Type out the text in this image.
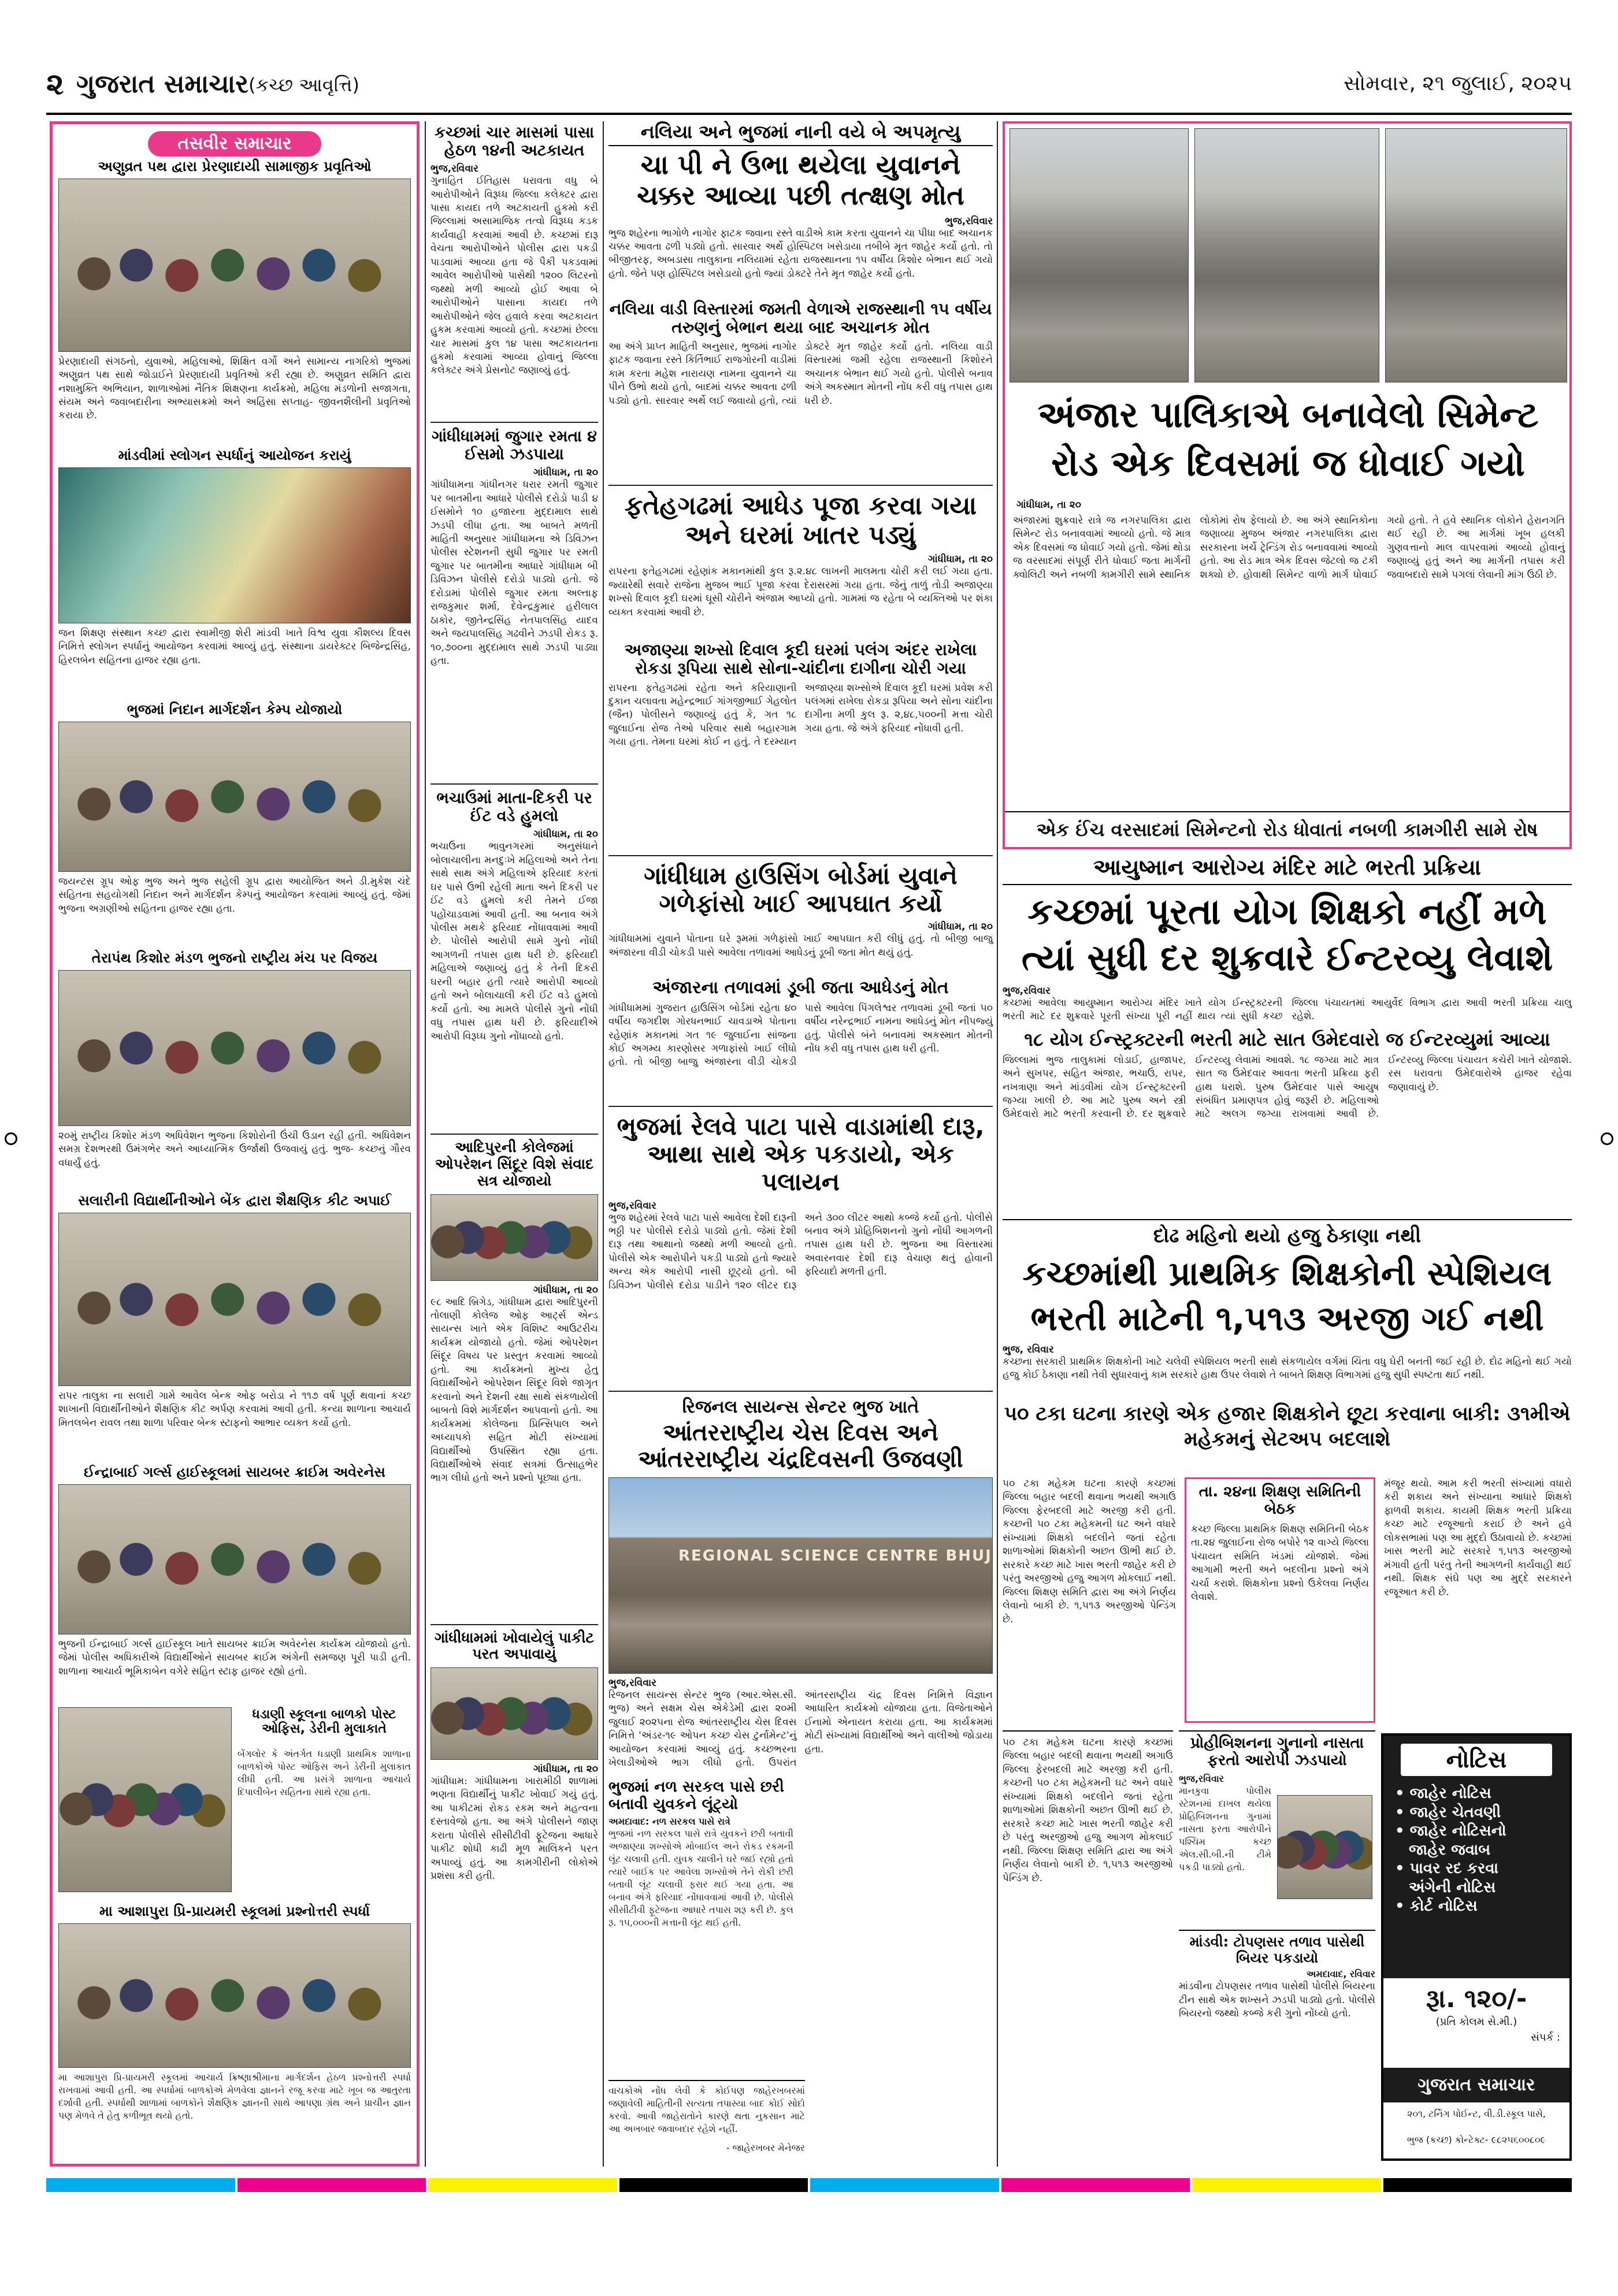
૨ ગુજરાત સમાચાર (કચ્છ આવૃત્તિ)	સોમવાર, ૨૧ જુલાઈ, ૨૦૨૫
તસવીર સમાચાર
અણુવ્રત પથ દ્વારા પ્રેરણાદાયી સામાજીક પ્રવૃતિઓ
પ્રેરણાદાયી સંગઠનો, યુવાઓ, મહિલાઓ, શિક્ષિત વર્ગો અને સામાન્ય નાગરિકો ભુજમાં અણુવ્રત પથ સાથે જોડાઈને પ્રેરણાદાયી પ્રવૃતિઓ કરી રહ્યા છે. અણુવ્રત સમિતિ દ્વારા નશામુક્તિ અભિયાન, શાળાઓમાં નૈતિક શિક્ષણના કાર્યક્રમો, મહિલા મંડળોની સજાગતા, સંયમ અને જવાબદારીના અભ્યાસક્રમો અને અહિંસા સપ્તાહ- જીવનશૈલીની પ્રવૃતિઓ કરાયા છે.
માંડવીમાં સ્લોગન સ્પર્ધાનું આયોજન કરાયું
જન શિક્ષણ સંસ્થાન કચ્છ દ્વારા સ્વામીજી શેરી માંડવી ખાતે વિશ્વ યુવા કૌશલ્ય દિવસ નિમિત્તે સ્લોગન સ્પર્ધાનું આયોજન કરવામાં આવ્યું હતું. સંસ્થાના ડાયરેક્ટર બિજેન્દ્રસિંહ, હિરલબેન સહિતના હાજર રહ્યા હતા.
ભુજમાં નિદાન માર્ગદર્શન કેમ્પ યોજાયો
જયન્ટસ ગ્રૂપ ઓફ ભુજ અને ભુજ સહેલી ગ્રૂપ દ્વારા આયોજિત અને ડી.મુકેશ ચંદે સહિતના સહયોગથી નિદાન અને માર્ગદર્શન કેમ્પનું આયોજન કરવામાં આવ્યું હતું. જેમાં ભુજના અગ્રણીઓ સહિતના હાજર રહ્યા હતા.
તેરાપંથ કિશોર મંડળ ભુજનો રાષ્ટ્રીય મંચ પર વિજય
૨૦મું રાષ્ટ્રીય કિશોર મંડળ અધિવેશન ભુજના કિશોરોની ઉંચી ઉડાન રહી હતી. અધિવેશન સમગ્ર દેશભરથી ઉમંગભેર અને આધ્યાત્મિક ઉર્જાથી ઉજવાયું હતું. ભુજ- કચ્છનું ગૌરવ વધાર્યું હતું.
સલારીની વિદ્યાર્થીનીઓને બેંક દ્વારા શૈક્ષણિક કીટ અપાઈ
રાપર તાલુકા ના સલારી ગામે આવેલ બેન્ક ઓફ બરોડા ને ૧૧૭ વર્ષ પૂર્ણ થવાનાં કચ્છ શાખાની વિદ્યાર્થીનીઓને શૈક્ષણિક કીટ અર્પણ કરવામાં આવી હતી. કન્યા શાળાના આચાર્ય મિતલબેન રાવલ તથા શાળા પરિવાર બેન્ક સ્ટાફનો આભાર વ્યક્ત કર્યો હતો.
ઈન્દ્રાબાઈ ગર્લ્સ હાઈસ્કૂલમાં સાયબર ક્રાઈમ અવેરનેસ
ભુજની ઈન્દ્રાબાઈ ગર્લ્સ હાઈસ્કૂલ ખાતે સાયબર ક્રાઈમ અવેરનેસ કાર્યક્રમ યોજાયો હતો. જેમાં પોલીસ અધિકારીએ વિદ્યાર્થીઓને સાયબર ક્રાઈમ અંગેની સમજણ પૂરી પાડી હતી. શાળાના આચાર્ય ભૂમિકાબેન વગેરે સહિત સ્ટાફ હાજર રહ્યો હતો.
ધડાણી સ્કૂલના બાળકો પોસ્ટ ઓફિસ, ડેરીની મુલાકાતે
બેંગલોર કે અંતર્ગત ધડાણી પ્રાથમિક શાળાના બાળકોએ પોસ્ટ ઓફિસ અને ડેરીની મુલાકાત લીધી હતી. આ પ્રસંગે શાળાના આચાર્ય દિપાલીબેન સહિતના સાથે રહ્યા હતા.
મા આશાપુરા પ્રિ-પ્રાયમરી સ્કૂલમાં પ્રશ્નોત્તરી સ્પર્ધા
મા આશાપુરા પ્રિ-પ્રાયમરી સ્કૂલમાં આચાર્ય ક્રિષ્ણાશ્રીમાના માર્ગદર્શન હેઠળ પ્રશ્નોત્તરી સ્પર્ધા રાખવામાં આવી હતી. આ સ્પર્ધામાં બાળકોએ મેળવેલા જ્ઞાનને રજૂ કરવા માટે ખૂબ જ આતુરતા દર્શાવી હતી. સ્પર્ધાથી શાળામાં બાળકોને શૈક્ષણિક જ્ઞાનની સાથે આપણા ગ્રંથ અને પ્રાચીન જ્ઞાન પણ મેળવે તે હેતુ કળીભૂત થયો હતો.
કચ્છમાં ચાર માસમાં પાસા હેઠળ ૧૪ની અટકાયત
ભુજ,રવિવાર
ગુનાહિત ઈતિહાસ ધરાવતા વધુ બે આરોપીઓને વિરૂધ્ધ જિલ્લા કલેક્ટર દ્વારા પાસા કાયદા તળે અટકાયતી હુકમો કરી જિલ્લામાં અસામાજિક તત્વો વિરૂધ્ધ કડક કાર્યવાહી કરવામાં આવી છે. કચ્છમાં દારૂ વેચતા આરોપીઓને પોલીસ દ્વારા પકડી પાડવામાં આવ્યા હતા જે પૈકી પકડવામાં આવેલ આરોપીઓ પાસેથી ૧૨૦૦ લિટરનો જથ્થો મળી આવ્યો હોઈ આવા બે આરોપીઓને પાસાના કાયદા તળે આરોપીઓને જેલ હવાલે કરવા અટકાયત હુકમ કરવામાં આવ્યો હતો. કચ્છમાં છેલ્લા ચાર માસમાં કુલ ૧૪ પાસા અટકાયતના હુકમો કરવામાં આવ્યા હોવાનું જિલ્લા કલેક્ટર અંગે પ્રેસનોટ જણાવ્યું હતું.
ગાંધીધામમાં જુગાર રમતા ૪ ઈસમો ઝડપાયા
ગાંધીધામ, તા ૨૦
ગાંધીધામના ગાંધીનગર ધરાર રમતી જુગાર પર બાતમીના આધારે પોલીસે દરોડો પાડી ૪ ઈસમોને ૧૦ હજારના મુદ્દામાલ સાથે ઝડપી લીધા હતા. આ બાબતે મળતી માહિતી અનુસાર ગાંધીધામના એ ડિવિઝન પોલીસ સ્ટેશનની સુધી જુગાર પર રમતી જુગાર પર બાતમીના આધારે ગાંધીધામ બી ડિવિઝન પોલીસે દરોડો પાડ્યો હતો. જે દરોડામાં પોલીસે જુગાર રમતા અલ્તાફ રાજકુમાર શર્મા, દેવેન્દ્રકુમાર હરીલાલ ઠાકોર, જીતેન્દ્રસિંહ નેતપાલસિંહ યાદવ અને જયપાલસિંહ ગઢવીને ઝડપી રોકડ રૂ. ૧૦,૭૦૦ના મુદ્દામાલ સાથે ઝડપી પાડ્યા હતા.
ભચાઉમાં માતા-દિકરી પર ઈંટ વડે હુમલો
ગાંધીધામ, તા ૨૦
ભચાઉના ભાવુનગરમાં અનુસંધાને બોલાચાલીના મનદુઃખે મહિલાઓ અને તેના સાથે સાથ અંગે મહિલાએ ફરિયાદ કરતાં ઘર પાસે ઉભી રહેલી માતા અને દિકરી પર ઈંટ વડે હુમલો કરી તેમને ઈજા પહોંચાડવામાં આવી હતી. આ બનાવ અંગે પોલીસ મથકે ફરિયાદ નોંધાવવામાં આવી છે. પોલીસે આરોપી સામે ગુનો નોંધી આગળની તપાસ હાથ ધરી છે. ફરિયાદી મહિલાએ જણાવ્યું હતું કે તેની દિકરી ઘરની બહાર હતી ત્યારે આરોપી આવ્યો હતો અને બોલાચાલી કરી ઈંટ વડે હુમલો કર્યો હતો. આ મામલે પોલીસે ગુનો નોંધી વધુ તપાસ હાથ ધરી છે. ફરિયાદીએ આરોપી વિરૂધ્ધ ગુનો નોંધાવ્યો હતો.
આદિપુરની કોલેજમાં ઓપરેશન સિંદૂર વિશે સંવાદ સત્ર યોજાયો
ગાંધીધામ, તા ૨૦
૯૮ આદિ બ્રિગેડ, ગાંધીધામ દ્વારા આદિપુરની તોલાણી કોલેજ ઓફ આર્ટ્સ એન્ડ સાયન્સ ખાતે એક વિશિષ્ટ આઉટરીચ કાર્યક્રમ યોજાયો હતો. જેમાં ઓપરેશન સિંદૂર વિષય પર પ્રસ્તુત કરવામાં આવ્યો હતો. આ કાર્યક્રમનો મુખ્ય હેતુ વિદ્યાર્થીઓને ઓપરેશન સિંદૂર વિશે જાગૃત કરવાનો અને દેશની રક્ષા સાથે સંકળાયેલી બાબતો વિશે માર્ગદર્શન આપવાનો હતો. આ કાર્યક્રમમાં કોલેજના પ્રિન્સિપાલ અને અધ્યાપકો સહિત મોટી સંખ્યામાં વિદ્યાર્થીઓ ઉપસ્થિત રહ્યા હતા. વિદ્યાર્થીઓએ સંવાદ સત્રમાં ઉત્સાહભેર ભાગ લીધો હતો અને પ્રશ્નો પૂછ્યા હતા.
ગાંધીધામમાં ખોવાયેલું પાકીટ પરત અપાવાયું
ગાંધીધામ, તા ૨૦
ગાંધીધામ: ગાંધીધામના ખારામીઠી શાળામાં ભણતા વિદ્યાર્થીનું પાકીટ ખોવાઈ ગયું હતું. આ પાકીટમાં રોકડ રકમ અને મહત્વના દસ્તાવેજો હતા. આ અંગે પોલીસને જાણ કરાતા પોલીસે સીસીટીવી ફૂટેજના આધારે પાકીટ શોધી કાઢી મૂળ માલિકને પરત અપાવ્યું હતું. આ કામગીરીની લોકોએ પ્રશંસા કરી હતી.
નલિયા અને ભુજમાં નાની વયે બે અપમૃત્યુ
ચા પી ને ઉભા થયેલા યુવાનને ચક્કર આવ્યા પછી તત્ક્ષણ મોત
ભુજ,રવિવાર
ભુજ શહેરના ભાગોળે નાગોર ફાટક જવાના રસ્તે વાડીએ કામ કરતા યુવાનને ચા પીધા બાદ અચાનક ચક્કર આવતા ઢળી પડ્યો હતો. સારવાર અર્થે હોસ્પિટલ ખસેડાયા તબીબે મૃત જાહેર કર્યો હતો. તો બીજીતરફ, અબડાસા તાલુકાના નલિયામાં રહેતા રાજસ્થાનના ૧૫ વર્ષીય કિશોર બેભાન થઈ ગયો હતો. જેને પણ હોસ્પિટલ ખસેડાયો હતો જ્યાં ડોક્ટરે તેને મૃત જાહેર કર્યો હતો.
નલિયા વાડી વિસ્તારમાં જમતી વેળાએ રાજસ્થાની ૧૫ વર્ષીય તરુણનું બેભાન થયા બાદ અચાનક મોત
આ અંગે પ્રાપ્ત માહિતી અનુસાર, ભુજમાં નાગોર ફાટક જવાના રસ્તે કિર્તિભાઈ રાજગોરની વાડીમાં કામ કરતા મહેશ નારાયણ નામના યુવાનને ચા પીને ઉભો થયો હતો, બાદમાં ચક્કર આવતા ઢળી પડ્યો હતો. સારવાર અર્થે લઈ જવાયો હતો, ત્યાં ડોક્ટરે મૃત જાહેર કર્યો હતો. નલિયા વાડી વિસ્તારમાં જમી રહેલા રાજસ્થાની કિશોરને અચાનક બેભાન થઈ ગયો હતો. પોલીસે બનાવ અંગે અકસ્માત મોતની નોંધ કરી વધુ તપાસ હાથ ધરી છે.
ફતેહગઢમાં આધેડ પૂજા કરવા ગયા અને ઘરમાં ખાતર પડ્યું
ગાંધીધામ, તા ૨૦
રાપરના ફતેહગઢમાં રહેણાંક મકાનમાંથી કુલ રૂ.૨.૪૮ લાખની માલમતા ચોરી કરી લઈ ગયા હતા. જ્યારેથી સવારે રાજેના મુજબ ભાઈ પૂજા કરવા દેરાસરમાં ગયા હતા. જેનું તાળું તોડી અજાણ્યા શખ્સો દિવાલ કૂદી ઘરમાં ઘૂસી ચોરીને અંજામ આપ્યો હતો. ગામમાં જ રહેતા બે વ્યક્તિઓ પર શંકા વ્યક્ત કરવામાં આવી છે.
અજાણ્યા શખ્સો દિવાલ કૂદી ઘરમાં પલંગ અંદર રાખેલા રોકડા રૂપિયા સાથે સોના-ચાંદીના દાગીના ચોરી ગયા
રાપરના ફતેહગઢમાં રહેતા અને કરિયાણાની દુકાન ચલાવતા મહેન્દ્રભાઈ ગાંગજીભાઈ ગેહલોત (જૈન) પોલીસને જણાવ્યું હતું કે, ગત ૧૮ જુલાઈના રોજ તેઓ પરિવાર સાથે બહારગામ ગયા હતા. તેમના ઘરમાં કોઈ ન હતું. તે દરમ્યાન અજાણ્યા શખ્સોએ દિવાલ કૂદી ઘરમાં પ્રવેશ કરી પલંગમાં રાખેલા રોકડા રૂપિયા અને સોના ચાંદીના દાગીના મળી કુલ રૂ. ૨,૪૮,૫૦૦ની મત્તા ચોરી ગયા હતા. જે અંગે ફરિયાદ નોંધાવી હતી.
ગાંધીધામ હાઉસિંગ બોર્ડમાં યુવાને ગળેફાંસો ખાઈ આપઘાત કર્યો
ગાંધીધામ, તા ૨૦
ગાંધીધામમાં યુવાને પોતાના ઘરે રૂમમાં ગળેફાંસો ખાઈ આપઘાત કરી લીધું હતું. તો બીજી બાજુ અંજારના વીડી ચોકડી પાસે આવેલા તળાવમાં આધેડનું ડૂબી જતા મોત થયું હતું.
અંજારના તળાવમાં ડૂબી જતા આધેડનું મોત
ગાંધીધામમાં ગુજરાત હાઉસિંગ બોર્ડમાં રહેતા ૪૦ વર્ષીય જગદીશ ગોરધનભાઈ ચાવડાએ પોતાના રહેણાંક મકાનમાં ગત ૧૯ જુલાઈના સાંજના કોઈ અગમ્ય કારણોસર ગળાફાંસો ખાઈ લીધો હતો. તો બીજી બાજુ અંજારના વીડી ચોકડી પાસે આવેલા પિંગલેશ્વર તળાવમાં ડૂબી જતાં ૫૦ વર્ષીય નરેન્દ્રભાઈ નામના આધેડનું મોત નીપજ્યું હતું. પોલીસે બંને બનાવમાં અકસ્માત મોતની નોંધ કરી વધુ તપાસ હાથ ધરી હતી.
ભુજમાં રેલવે પાટા પાસે વાડામાંથી દારૂ, આથા સાથે એક પકડાયો, એક પલાયન
ભુજ,રવિવાર
ભુજ શહેરમાં રેલવે પાટા પાસે આવેલા દેશી દારૂની ભઠ્ઠી પર પોલીસે દરોડો પાડ્યો હતો. જેમાં દેશી દારૂ તથા આથાનો જથ્થો મળી આવ્યો હતો. પોલીસે એક આરોપીને પકડી પાડ્યો હતો જ્યારે અન્ય એક આરોપી નાસી છૂટ્યો હતો. બી ડિવિઝન પોલીસે દરોડા પાડીને ૧૨૦ લીટર દારૂ અને ૩૦૦ લીટર આથો કબ્જે કર્યો હતો. પોલીસે બનાવ અંગે પ્રોહિબિશનનો ગુનો નોંધી આગળની તપાસ હાથ ધરી છે. ભુજના આ વિસ્તારમાં અવારનવાર દેશી દારૂ વેચાણ થતું હોવાની ફરિયાદો મળતી હતી.
રિજનલ સાયન્સ સેન્ટર ભુજ ખાતે
આંતરરાષ્ટ્રીય ચેસ દિવસ અને આંતરરાષ્ટ્રીય ચંદ્રદિવસની ઉજવણી
REGIONAL SCIENCE CENTRE BHUJ
ભુજ,રવિવાર
રિજનલ સાયન્સ સેન્ટર ભુજ (આર.એસ.સી. ભુજ) અને સક્ષમ ચેસ એકેડેમી દ્વારા ૨૦મી જુલાઈ ૨૦૨૫ના રોજ આંતરરાષ્ટ્રીય ચેસ દિવસ નિમિત્તે 'અંડર-૧૯ ઓપન કચ્છ ચેસ ટુર્નામેન્ટ'નું આયોજન કરવામાં આવ્યું હતું. કચ્છભરના ખેલાડીઓએ ભાગ લીધો હતો. ઉપરાંત આંતરરાષ્ટ્રીય ચંદ્ર દિવસ નિમિત્તે વિજ્ઞાન આધારિત કાર્યક્રમો યોજાયા હતા. વિજેતાઓને ઈનામો એનાયત કરાયા હતા. આ કાર્યક્રમમાં મોટી સંખ્યામાં વિદ્યાર્થીઓ અને વાલીઓ જોડાયા હતા.
ભુજમાં નળ સરકલ પાસે છરી બતાવી યુવકને લૂંટ્યો
અમદાવાદ: નળ સરકલ પાસે રાત્રે
ભુજમાં નળ સરકલ પાસે રાત્રે યુવકને છરી બતાવી અજાણ્યા શખ્સોએ મોબાઈલ અને રોકડ રકમની લૂંટ ચલાવી હતી. યુવક ચાલીને ઘરે જઈ રહ્યો હતો ત્યારે બાઈક પર આવેલા શખ્સોએ તેને રોકી છરી બતાવી લૂંટ ચલાવી ફરાર થઈ ગયા હતા. આ બનાવ અંગે ફરિયાદ નોંધાવવામાં આવી છે. પોલીસે સીસીટીવી ફૂટેજના આધારે તપાસ શરૂ કરી છે. કુલ રૂ. ૧૫,૦૦૦ની મત્તાની લૂંટ થઈ હતી.
વાચકોએ નોંધ લેવી કે કોઈપણ જાહેરખબરમાં જણાવેલી માહિતીની સત્યતા તપાસ્યા બાદ કોઈ સોદો કરવો. આવી જાહેરાતોને કારણે થતા નુકસાન માટે આ અખબાર જવાબદાર રહેશે નહીં.
- જાહેરખબર મેનેજર
અંજાર પાલિકાએ બનાવેલો સિમેન્ટ રોડ એક દિવસમાં જ ધોવાઈ ગયો
ગાંધીધામ, તા ૨૦
અંજારમાં શુક્રવારે રાત્રે જ નગરપાલિકા દ્વારા સિમેન્ટ રોડ બનાવવામાં આવ્યો હતો. જે માત્ર એક દિવસમાં જ ધોવાઈ ગયો હતો. જેમાં થોડા જ વરસાદમાં સંપૂર્ણ રીતે ધોવાઈ જતા માર્ગની ક્વોલિટી અને નબળી કામગીરી સામે સ્થાનિક લોકોમાં રોષ ફેલાયો છે. આ અંગે સ્થાનિકોના જણાવ્યા મુજબ અંજાર નગરપાલિકા દ્વારા સરકારના ખર્ચે ટ્રેન્ડિંગ રોડ બનાવવામાં આવ્યો હતો. આ રોડ માત્ર એક દિવસ જેટલો જ ટકી શક્યો છે. હોવાથી સિમેન્ટ વાળો માર્ગ ધોવાઈ ગયો હતો. તે હવે સ્થાનિક લોકોને હેરાનગતિ થઈ રહી છે. આ માર્ગમાં ખૂબ હલકી ગુણવત્તાનો માલ વાપરવામાં આવ્યો હોવાનું જણાવ્યું હતું અને આ માર્ગની તપાસ કરી જવાબદારો સામે પગલાં લેવાની માંગ ઉઠી છે.
એક ઈંચ વરસાદમાં સિમેન્ટનો રોડ ધોવાતાં નબળી કામગીરી સામે રોષ
આયુષ્માન આરોગ્ય મંદિર માટે ભરતી પ્રક્રિયા
કચ્છમાં પૂરતા યોગ શિક્ષકો નહીં મળે ત્યાં સુધી દર શુક્રવારે ઈન્ટરવ્યુ લેવાશે
ભુજ,રવિવાર
કચ્છમાં આવેલા આયુષ્માન આરોગ્ય મંદિર ખાતે યોગ ઈન્સ્ટ્રક્ટરની ભરતી માટે દર શુક્રવારે પૂરતી સંખ્યા પૂરી નહીં થાય ત્યાં સુધી કચ્છ જિલ્લા પંચાયતમાં આયુર્વેદ વિભાગ દ્વારા આવી ભરતી પ્રક્રિયા ચાલુ રહેશે.
૧૮ યોગ ઈન્સ્ટ્રક્ટરની ભરતી માટે સાત ઉમેદવારો જ ઈન્ટરવ્યુમાં આવ્યા
જિલ્લામાં ભુજ તાલુકામાં લોડાઈ, હાજાપર, અને સુખપર, સહિત અંજાર, ભચાઉ, રાપર, નખત્રાણા અને માંડવીમાં યોગ ઈન્સ્ટ્રક્ટરની જગ્યા ખાલી છે. આ માટે પુરુષ અને સ્ત્રી ઉમેદવારો માટે ભરતી કરવાની છે. દર શુક્રવારે ઈન્ટરવ્યુ લેવામાં આવશે. ૧૮ જગ્યા માટે માત્ર સાત જ ઉમેદવાર આવતા ભરતી પ્રક્રિયા ફરી હાથ ધરાશે. પુરુષ ઉમેદવાર પાસે આયુષ સંબંધિત પ્રમાણપત્ર હોવું જરૂરી છે. મહિલાઓ માટે અલગ જગ્યા રાખવામાં આવી છે. ઈન્ટરવ્યુ જિલ્લા પંચાયત કચેરી ખાતે યોજાશે. રસ ધરાવતા ઉમેદવારોએ હાજર રહેવા જણાવાયું છે.
દોઢ મહિનો થયો હજુ ઠેકાણા નથી
કચ્છમાંથી પ્રાથમિક શિક્ષકોની સ્પેશિયલ ભરતી માટેની ૧,૫૧૩ અરજી ગઈ નથી
ભુજ, રવિવાર
કચ્છના સરકારી પ્રાથમિક શિક્ષકોની ખાટે ચલેવી સ્પેશિયલ ભરતી સાથે સંકળાયેલ વર્ગમાં ચિંતા વધુ ઘેરી બનતી જઈ રહી છે. દોઢ મહિનો થઈ ગયો હજુ કોઈ ઠેકાણા નથી તેવી સુધારવાનું કામ સરકારે હાથ ઉપર લેવાશે તે બાબતે શિક્ષણ વિભાગમાં હજુ સુધી સ્પષ્ટતા થઈ નથી.
૫૦ ટકા ઘટના કારણે એક હજાર શિક્ષકોને છૂટા કરવાના બાકી: ૩૧મીએ મહેકમનું સેટઅપ બદલાશે
૫૦ ટકા મહેકમ ઘટના કારણે કચ્છમાં જિલ્લા બહાર બદલી થવાના ભયથી અગાઉ જિલ્લા ફેરબદલી માટે અરજી કરી હતી. કચ્છની ૫૦ ટકા મહેકમની ઘટ અને વધારે સંખ્યામાં શિક્ષકો બદલીને જતાં રહેતા શાળાઓમાં શિક્ષકોની અછત ઊભી થઈ છે. સરકારે કચ્છ માટે ખાસ ભરતી જાહેર કરી છે પરંતુ અરજીઓ હજુ આગળ મોકલાઈ નથી. જિલ્લા શિક્ષણ સમિતિ દ્વારા આ અંગે નિર્ણય લેવાનો બાકી છે. ૧,૫૧૩ અરજીઓ પેન્ડિંગ છે.
તા. ૨૪ના શિક્ષણ સમિતિની બેઠક
કચ્છ જિલ્લા પ્રાથમિક શિક્ષણ સમિતિની બેઠક તા.૨૪ જુલાઈના રોજ બપોરે ૧૨ વાગ્યે જિલ્લા પંચાયત સમિતિ ખંડમાં યોજાશે. જેમાં આગામી ભરતી અને બદલીના પ્રશ્નો અંગે ચર્ચા કરાશે. શિક્ષકોના પ્રશ્નો ઉકેલવા નિર્ણય લેવાશે.
મંજૂર થયો. આમ કરી ભરતી સંખ્યામાં વધારો કરી શકાય અને સંખ્યાના આધારે શિક્ષકો ફાળવી શકાય. કાયમી શિક્ષક ભરતી પ્રક્રિયા કચ્છ માટે રજૂઆતો કરાઈ છે અને હવે લોકસભામાં પણ આ મુદ્દો ઉઠાવાયો છે. કચ્છમાં ખાસ ભરતી માટે સરકારે ૧,૫૧૩ અરજીઓ મંગાવી હતી પરંતુ તેની આગળની કાર્યવાહી થઈ નથી. શિક્ષક સંઘે પણ આ મુદ્દે સરકારને રજૂઆત કરી છે.
પ્રોહીબિશનના ગુનાનો નાસતા ફરતો આરોપી ઝડપાયો
ભુજ,રવિવાર
માનકુવા પોલીસ સ્ટેશનમાં દાખલ થયેલા પ્રોહિબિશનના ગુનામાં નાસતા ફરતા આરોપીને પશ્ચિમ કચ્છ એલ.સી.બી.ની ટીમે પકડી પાડ્યો હતો.
માંડવી: ટોપણસર તળાવ પાસેથી બિયર પકડાયો
અમદાવાદ, રવિવાર
માંડવીના ટોપણસર તળાવ પાસેથી પોલીસે બિયરના ટીન સાથે એક શખ્સને ઝડપી પાડ્યો હતો. પોલીસે બિયરનો જથ્થો કબ્જે કરી ગુનો નોંધ્યો હતો.
૫૦ ટકા મહેકમ ઘટના કારણે કચ્છમાં જિલ્લા બહાર બદલી થવાના ભયથી અગાઉ જિલ્લા ફેરબદલી માટે અરજી કરી હતી. કચ્છની ૫૦ ટકા મહેકમની ઘટ અને વધારે સંખ્યામાં શિક્ષકો બદલીને જતાં રહેતા શાળાઓમાં શિક્ષકોની અછત ઊભી થઈ છે. સરકારે કચ્છ માટે ખાસ ભરતી જાહેર કરી છે પરંતુ અરજીઓ હજુ આગળ મોકલાઈ નથી. જિલ્લા શિક્ષણ સમિતિ દ્વારા આ અંગે નિર્ણય લેવાનો બાકી છે. ૧,૫૧૩ અરજીઓ પેન્ડિંગ છે.
નોટિસ
• જાહેર નોટિસ
• જાહેર ચેતવણી
• જાહેર નોટિસનો
જાહેર જવાબ
• પાવર રદ કરવા
અંગેની નોટિસ
• કોર્ટ નોટિસ
રૂા. ૧૨૦/-
(પ્રતિ કોલમ સે.મી.)
સંપર્ક :
ગુજરાત સમાચાર
૨૦૧, ટર્નિંગ પોઈન્ટ, વી.ડી.સ્કૂલ પાસે,
ભુજ (કચ્છ) કોન્ટેક્ટ- ૯૮૨૫૬૦૦૮૦૯
